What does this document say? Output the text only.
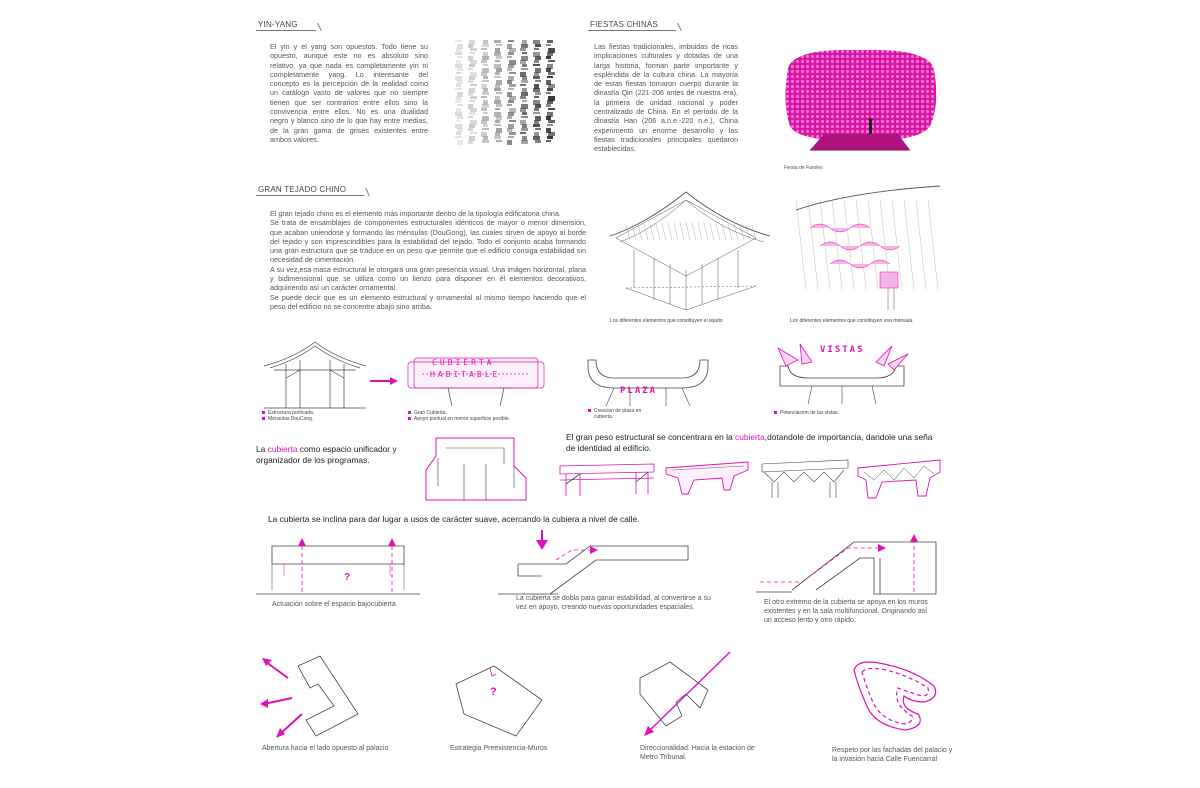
YIN-YANG
El yin y el yang son opuestos. Todo tiene su opuesto, aunque este no es absoluto sino relativo, ya que nada es completamente yin ni completamente yang. Lo interesante del concepto es la percepción de la realidad como un catálogo vasto de valores que no siempre tienen que ser contrarios entre ellos sino la convivencia entre ellos. No es una dualidad negro y blanco sino de lo que hay entre medias, de la gran gama de grises existentes entre ambos valores.
FIESTAS CHINAS
Las fiestas tradicionales, imbuidas de ricas implicaciones culturales y dotadas de una larga historia, forman parte importante y espléndida de la cultura china. La mayoría de estas fiestas tomaron cuerpo durante la dinastía Qin (221-206 antes de nuestra era), la primera de unidad nacional y poder centralizado de China. En el período de la dinastía Han (206 a.n.e.-220 n.e.), China experimentó un enorme desarrollo y las fiestas tradicionales principales quedaron establecidas.
Fiesta de Faroles
GRAN TEJADO CHINO
El gran tejado chino es el elemento más importante dentro de la tipología edificatoria china.
Se trata de ensamblajes de componentes estructurales idénticos de mayor o menor dimensión, que acaban uniendose y formando las ménsulas (DouGong), las cuales sirven de apoyo al borde del tejado y son imprescindibles para la estabilidad del tejado. Todo el conjunto acaba formando una gran estructura que se traduce en un peso que permite que el edificio consiga estabilidad sin necesidad de cimentación.
A su vez,esa masa estructural le otorgará una gran presencia visual. Una imágen horizontal, plana y bidimensional que se utiliza como un lienzo para disponer en él elementos decorativos, adquiriendo así un carácter ornamental.
Se puede decir que es un elemento estructural y ornamental al mismo tiempo haciendo que el peso del edificio no se concentre abajo sino arriba.
Los diferentes elementos que constituyen el tejado.	Los diferentes elementos que constituyen una ménsula.
Estructura porticada.
Ménsulas DouCong.
CUBIERTA
HABITABLE
Gran Cubierta.
Apoyo puntual en menor superficie posible.
PLAZA
Creacion de plaza en
cubierta.
VISTAS
Potenciacion de las vistas.
La cubierta como espacio unificador y organizador de los programas.
El gran peso estructural se concentrara en la cubierta,dotandole de importancia, dandole una seña de identidad al edificio.
La cubierta se inclina para dar lugar a usos de carácter suave, acercando la cubiera a nivel de calle.
?
Actuación sobre el espacio bajocubierta
La cubierta se dobla para ganar estabilidad, al convertirse a su vez en apoyo, creando nuevas oportunidades espaciales.
El otro extremo de la cubierta se apoya en los muros existentes y en la sala multifuncional. Originando así un acceso lento y otro rápido.
Abertura hacia el lado opuesto al palacio
?
Estrategia Preexistencia-Muros	Direccionalidad. Hacia la estación de Metro Tribunal.
Respeto por las fachadas del palacio y la invasión hacia Calle Fuencarral
